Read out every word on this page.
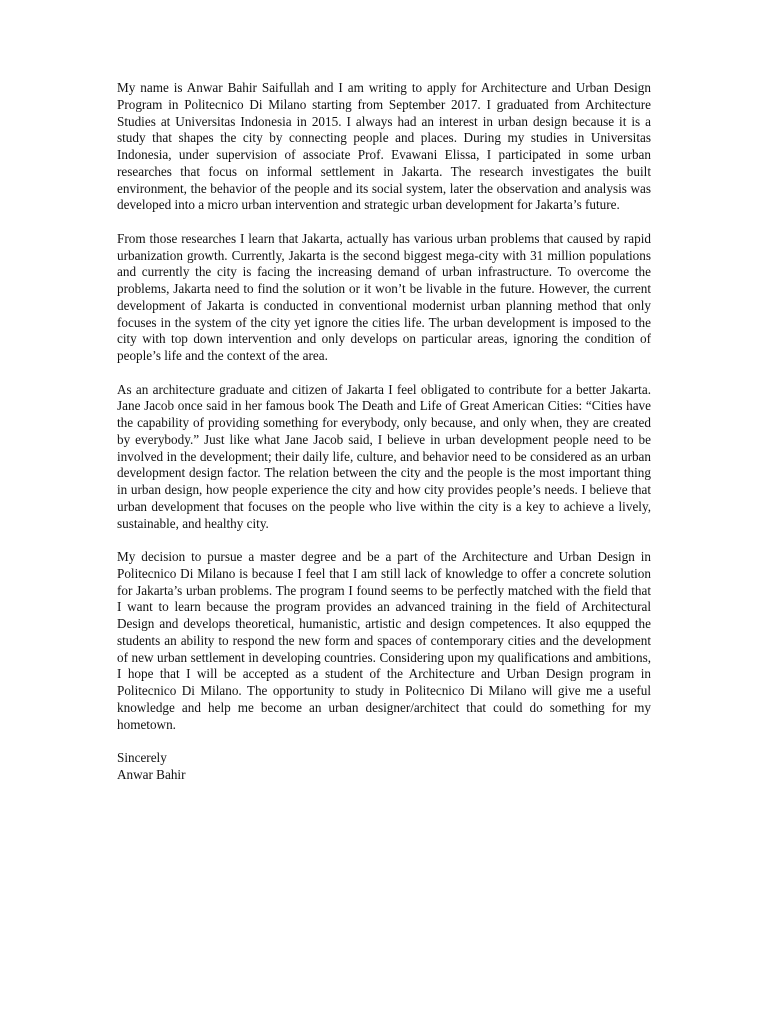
My name is Anwar Bahir Saifullah and I am writing to apply for Architecture and Urban Design Program in Politecnico Di Milano starting from September 2017. I graduated from Architecture Studies at Universitas Indonesia in 2015. I always had an interest in urban design because it is a study that shapes the city by connecting people and places. During my studies in Universitas Indonesia, under supervision of associate Prof. Evawani Elissa, I participated in some urban researches that focus on informal settlement in Jakarta. The research investigates the built environment, the behavior of the people and its social system, later the observation and analysis was developed into a micro urban intervention and strategic urban development for Jakarta’s future.

From those researches I learn that Jakarta, actually has various urban problems that caused by rapid urbanization growth. Currently, Jakarta is the second biggest mega-city with 31 million populations and currently the city is facing the increasing demand of urban infrastructure. To overcome the problems, Jakarta need to find the solution or it won’t be livable in the future. However, the current development of Jakarta is conducted in conventional modernist urban planning method that only focuses in the system of the city yet ignore the cities life. The urban development is imposed to the city with top down intervention and only develops on particular areas, ignoring the condition of people’s life and the context of the area.

As an architecture graduate and citizen of Jakarta I feel obligated to contribute for a better Jakarta. Jane Jacob once said in her famous book The Death and Life of Great American Cities: “Cities have the capability of providing something for everybody, only because, and only when, they are created by everybody.” Just like what Jane Jacob said, I believe in urban development people need to be involved in the development; their daily life, culture, and behavior need to be considered as an urban development design factor. The relation between the city and the people is the most important thing in urban design, how people experience the city and how city provides people’s needs. I believe that urban development that focuses on the people who live within the city is a key to achieve a lively, sustainable, and healthy city.

My decision to pursue a master degree and be a part of the Architecture and Urban Design in Politecnico Di Milano is because I feel that I am still lack of knowledge to offer a concrete solution for Jakarta’s urban problems. The program I found seems to be perfectly matched with the field that I want to learn because the program provides an advanced training in the field of Architectural Design and develops theoretical, humanistic, artistic and design competences. It also equpped the students an ability to respond the new form and spaces of contemporary cities and the development of new urban settlement in developing countries. Considering upon my qualifications and ambitions, I hope that I will be accepted as a student of the Architecture and Urban Design program in Politecnico Di Milano. The opportunity to study in Politecnico Di Milano will give me a useful knowledge and help me become an urban designer/architect that could do something for my hometown.

Sincerely
Anwar Bahir
